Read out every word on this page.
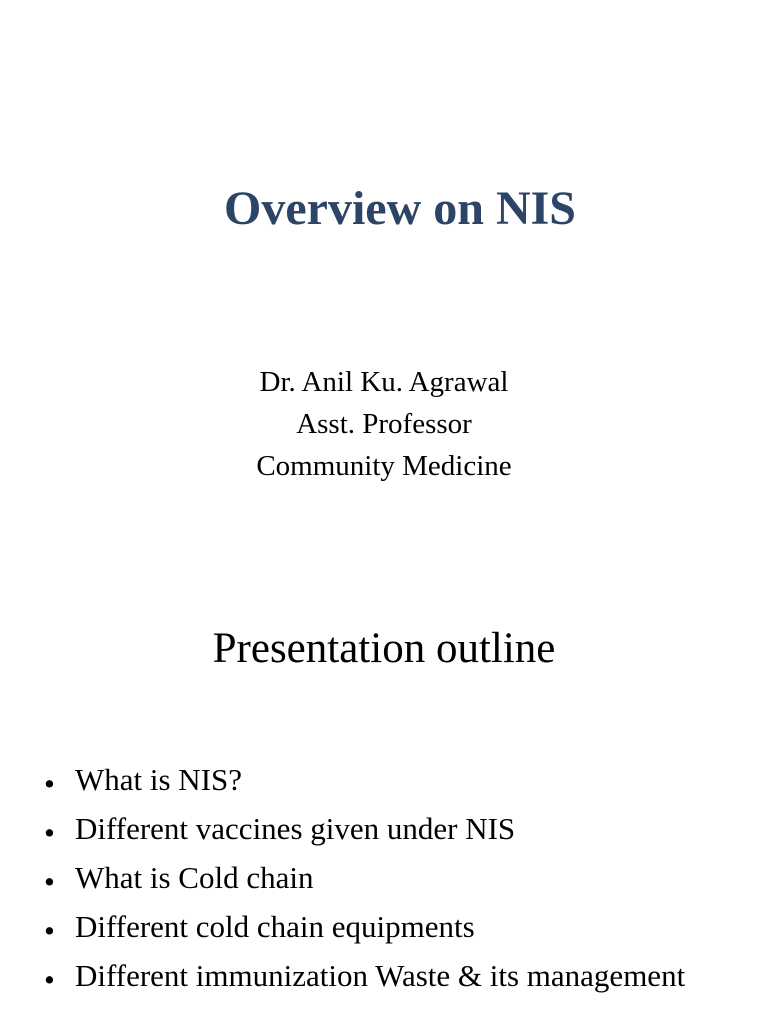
Overview on NIS
Dr. Anil Ku. Agrawal
Asst. Professor
Community Medicine
Presentation outline
• What is NIS?
• Different vaccines given under NIS
• What is Cold chain
• Different cold chain equipments
• Different immunization Waste & its management
